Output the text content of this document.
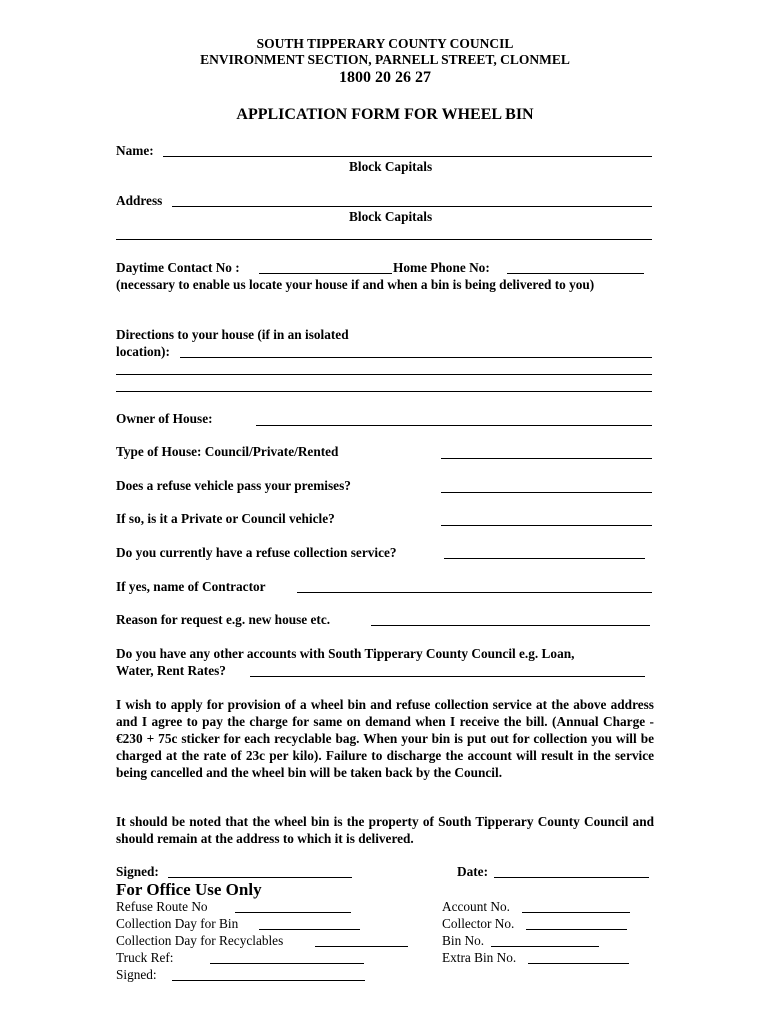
SOUTH TIPPERARY COUNTY COUNCIL
ENVIRONMENT SECTION, PARNELL STREET, CLONMEL
1800 20 26 27
APPLICATION FORM FOR WHEEL BIN
Name:
Block Capitals
Address
Block Capitals
Daytime Contact No :	Home Phone No:
(necessary to enable us locate your house if and when a bin is being delivered to you)
Directions to your house (if in an isolated
location):
Owner of House:
Type of House: Council/Private/Rented
Does a refuse vehicle pass your premises?
If so, is it a Private or Council vehicle?
Do you currently have a refuse collection service?
If yes, name of Contractor
Reason for request e.g. new house etc.
Do you have any other accounts with South Tipperary County Council e.g. Loan,
Water, Rent Rates?
I wish to apply for provision of a wheel bin and refuse collection service at the above address and I agree to pay the charge for same on demand when I receive the bill. (Annual Charge - €230 + 75c sticker for each recyclable bag. When your bin is put out for collection you will be charged at the rate of 23c per kilo). Failure to discharge the account will result in the service being cancelled and the wheel bin will be taken back by the Council.
It should be noted that the wheel bin is the property of South Tipperary County Council and should remain at the address to which it is delivered.
Signed:	Date:
For Office Use Only
Refuse Route No
Collection Day for Bin
Collection Day for Recyclables
Truck Ref:
Signed:
Account No.
Collector No.
Bin No.
Extra Bin No.
